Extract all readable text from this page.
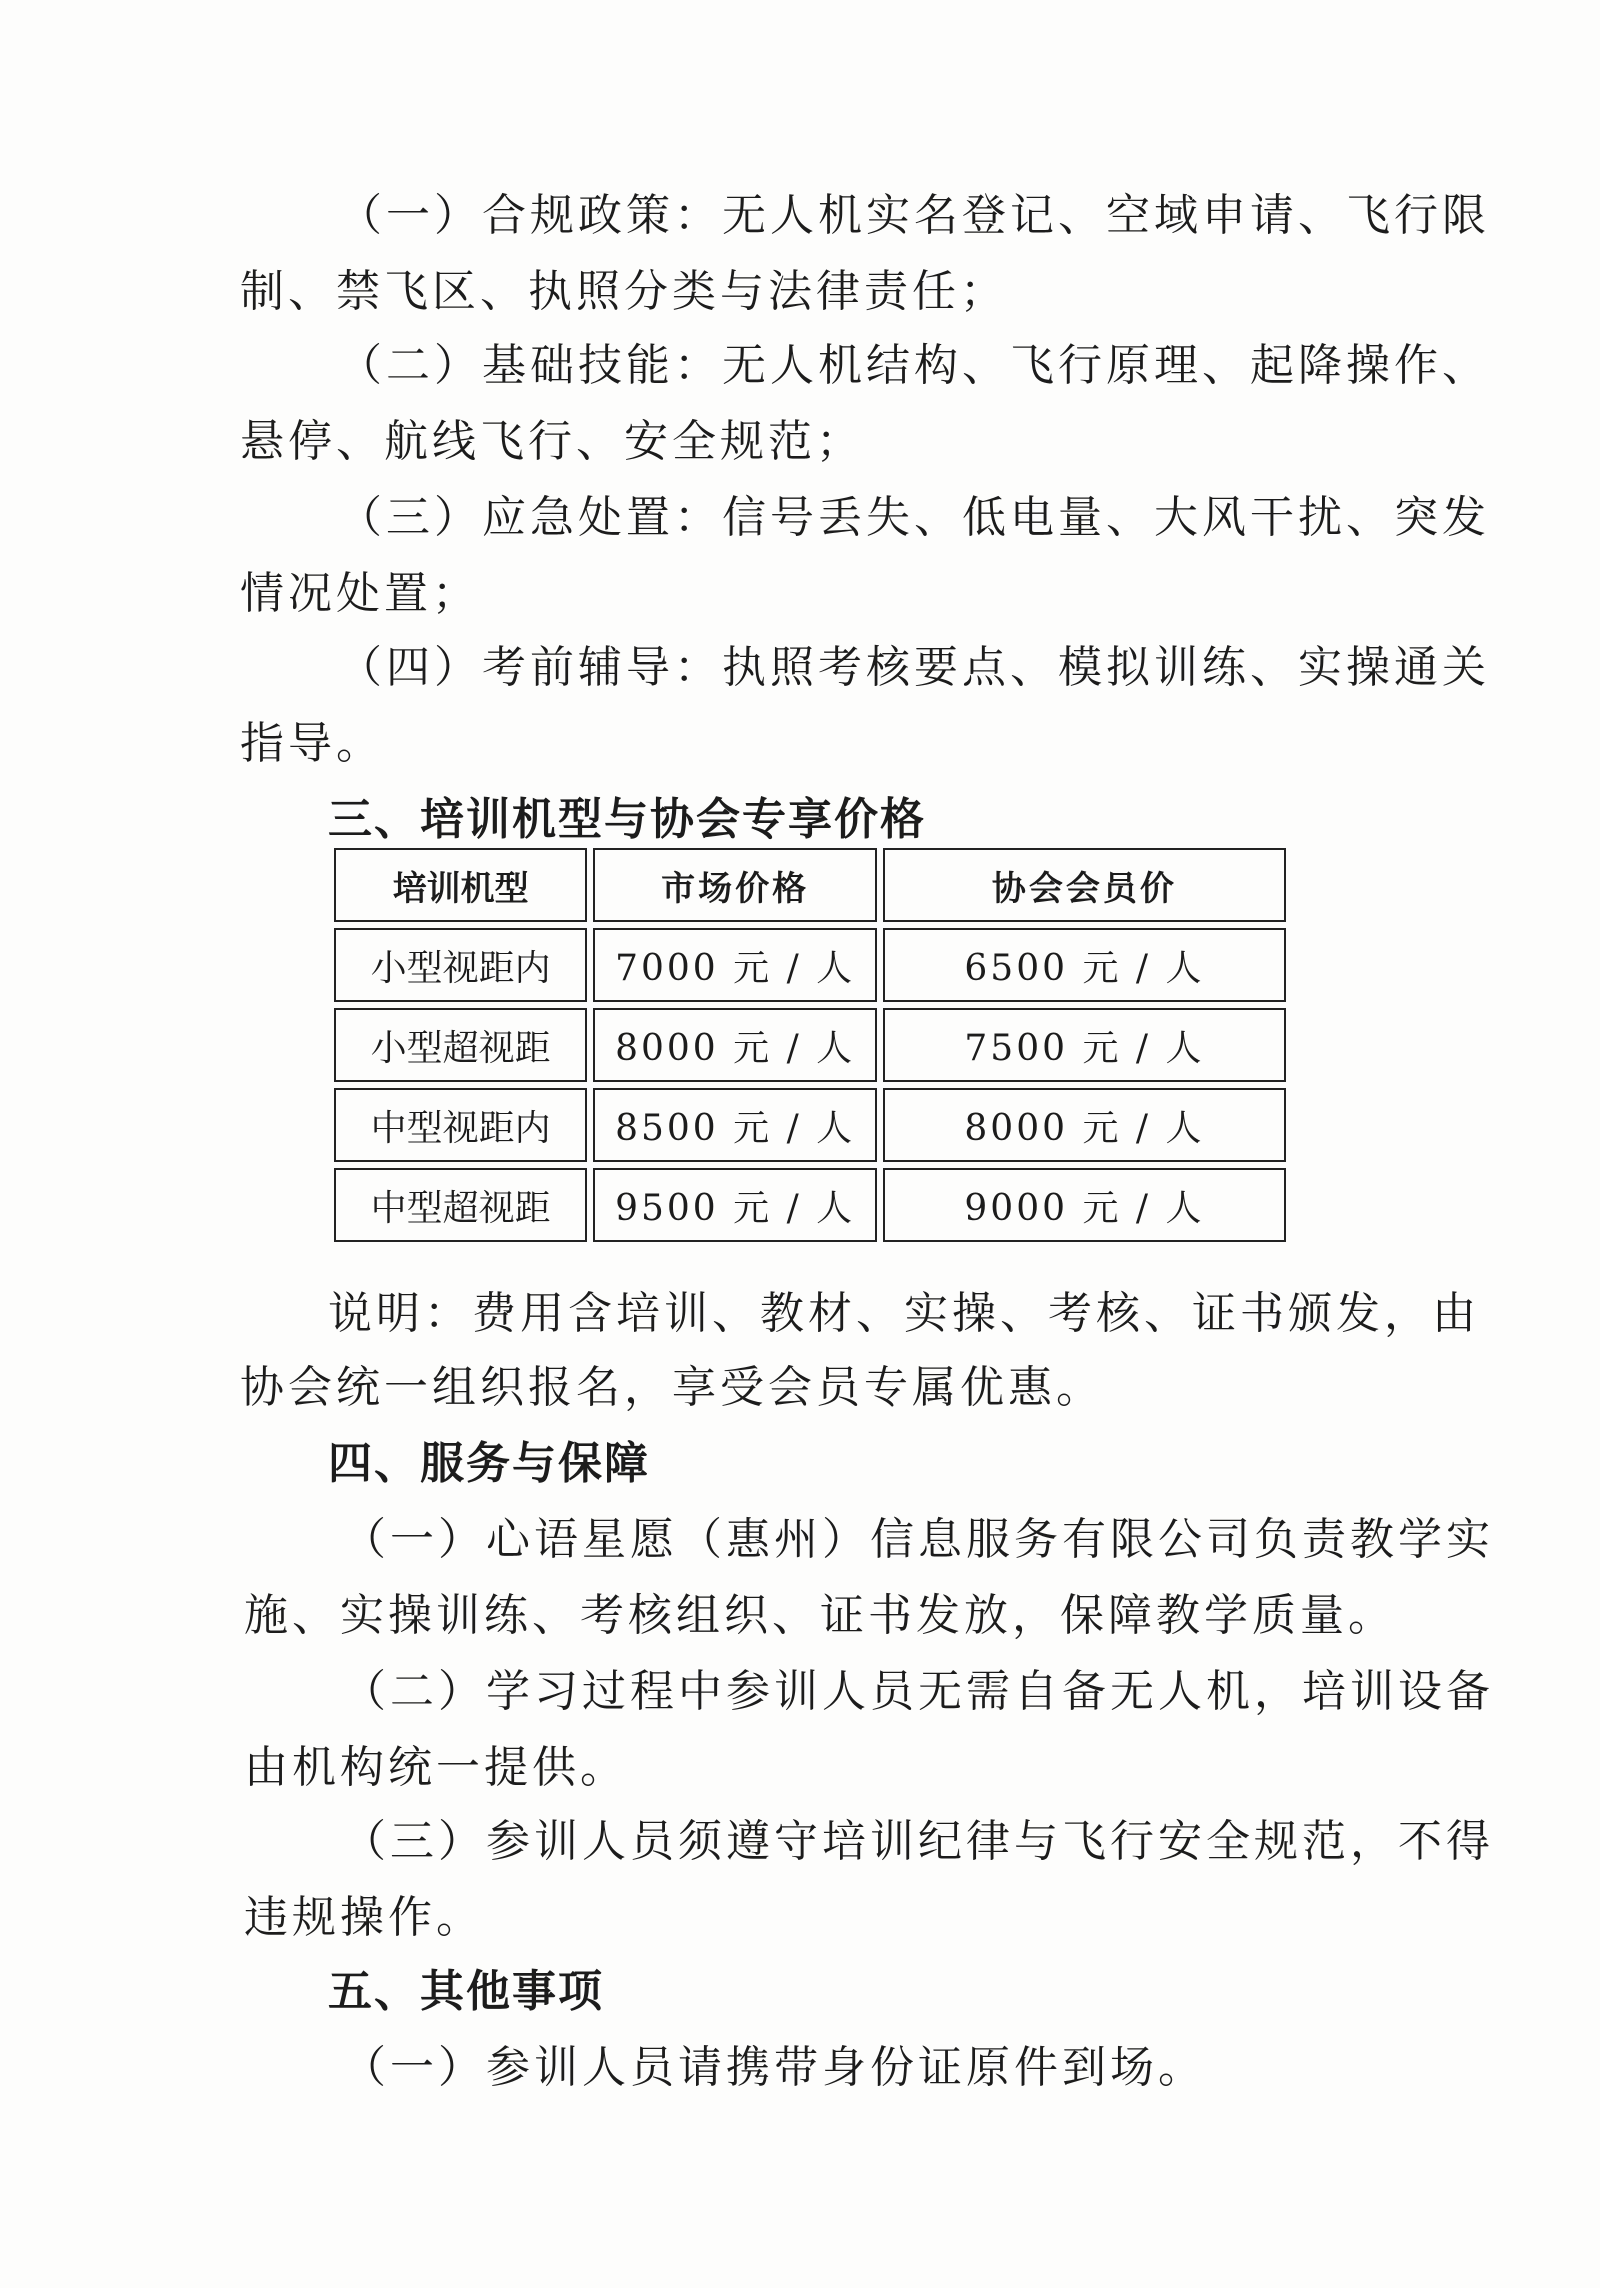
（一）合规政策：无人机实名登记、空域申请、飞行限
制、禁飞区、执照分类与法律责任；
（二）基础技能：无人机结构、飞行原理、起降操作、
悬停、航线飞行、安全规范；
（三）应急处置：信号丢失、低电量、大风干扰、突发
情况处置；
（四）考前辅导：执照考核要点、模拟训练、实操通关
指导。
三、培训机型与协会专享价格
培训机型	市场价格	协会会员价
小型视距内	7000 元 / 人	6500 元 / 人
小型超视距	8000 元 / 人	7500 元 / 人
中型视距内	8500 元 / 人	8000 元 / 人
中型超视距	9500 元 / 人	9000 元 / 人
说明：费用含培训、教材、实操、考核、证书颁发，由
协会统一组织报名，享受会员专属优惠。
四、服务与保障
（一）心语星愿（惠州）信息服务有限公司负责教学实
施、实操训练、考核组织、证书发放，保障教学质量。
（二）学习过程中参训人员无需自备无人机，培训设备
由机构统一提供。
（三）参训人员须遵守培训纪律与飞行安全规范，不得
违规操作。
五、其他事项
（一）参训人员请携带身份证原件到场。
